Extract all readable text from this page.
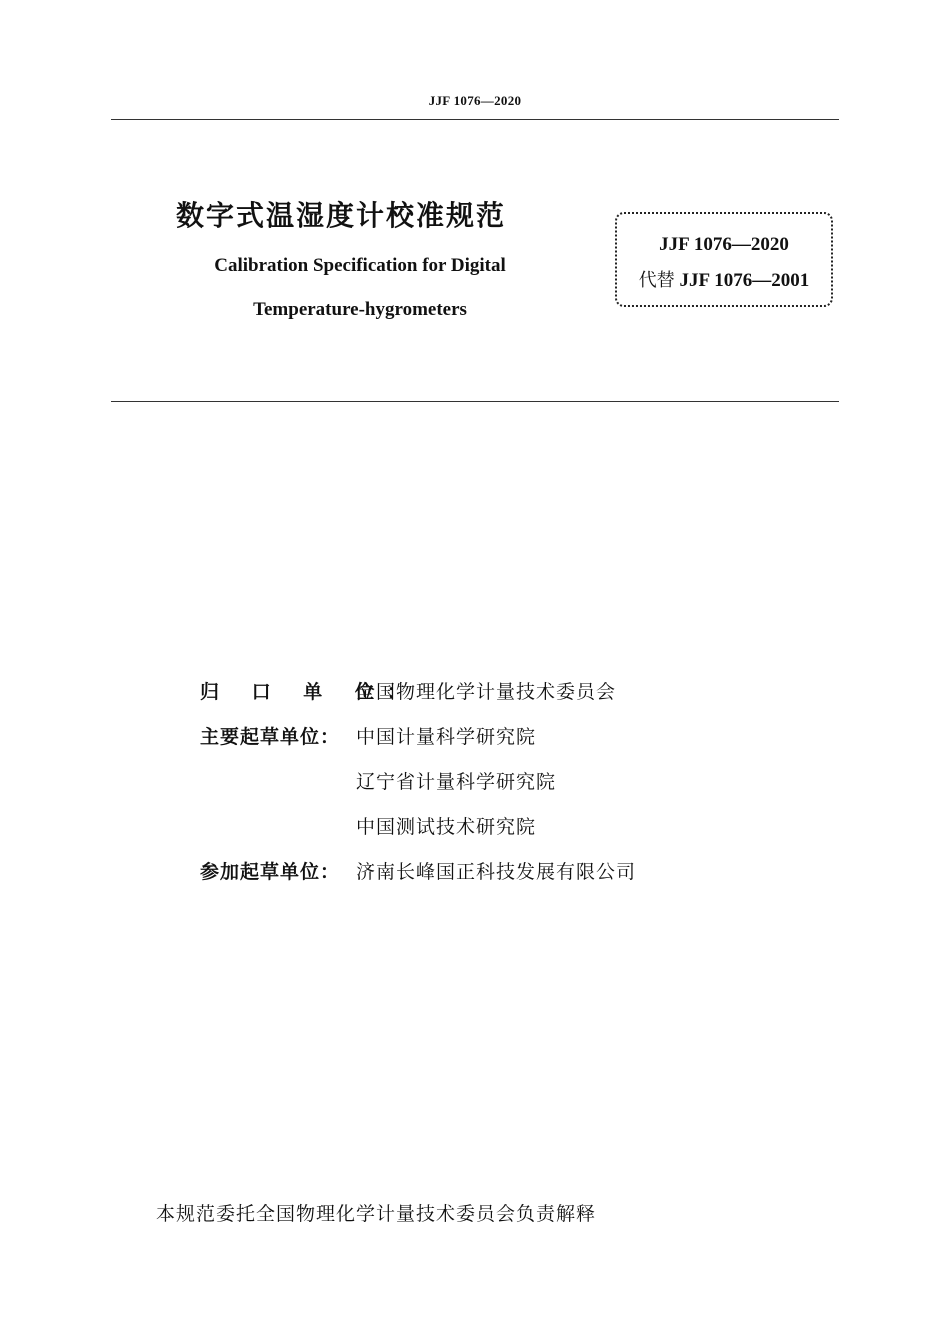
JJF 1076—2020
数字式温湿度计校准规范
Calibration Specification for Digital
Temperature-hygrometers
JJF 1076—2020
代替 JJF 1076—2001
归 口 单 位：
全国物理化学计量技术委员会
主要起草单位： 中国计量科学研究院
辽宁省计量科学研究院
中国测试技术研究院
参加起草单位： 济南长峰国正科技发展有限公司
本规范委托全国物理化学计量技术委员会负责解释
